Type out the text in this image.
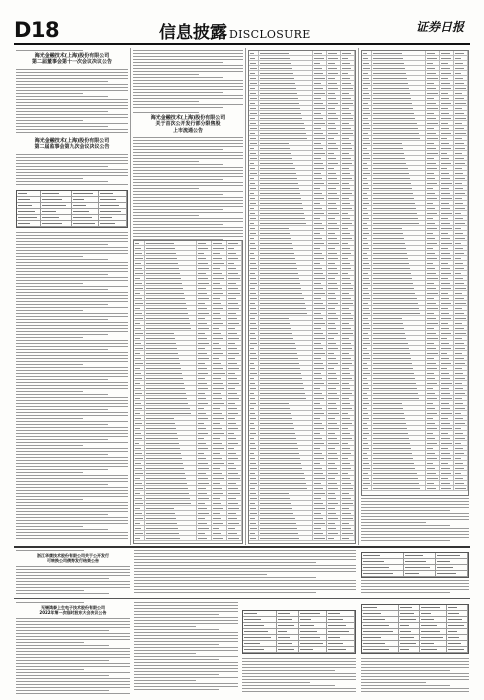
D18	信息披露 DISCLOSURE
证券日报
海光金融技术(上海)股份有限公司
第二届董事会第十一次会议决议公告
海光金融技术(上海)股份有限公司
第二届监事会第九次会议决议公告
海光金融技术(上海)股份有限公司
关于首次公开发行部分限售股
上市流通公告
浙江华康技术股份有限公司关于公开发行
可转换公司债券发行结果公告
无锡鸿泰上生电子技术股份有限公司
2022年第一次临时股东大会决议公告
